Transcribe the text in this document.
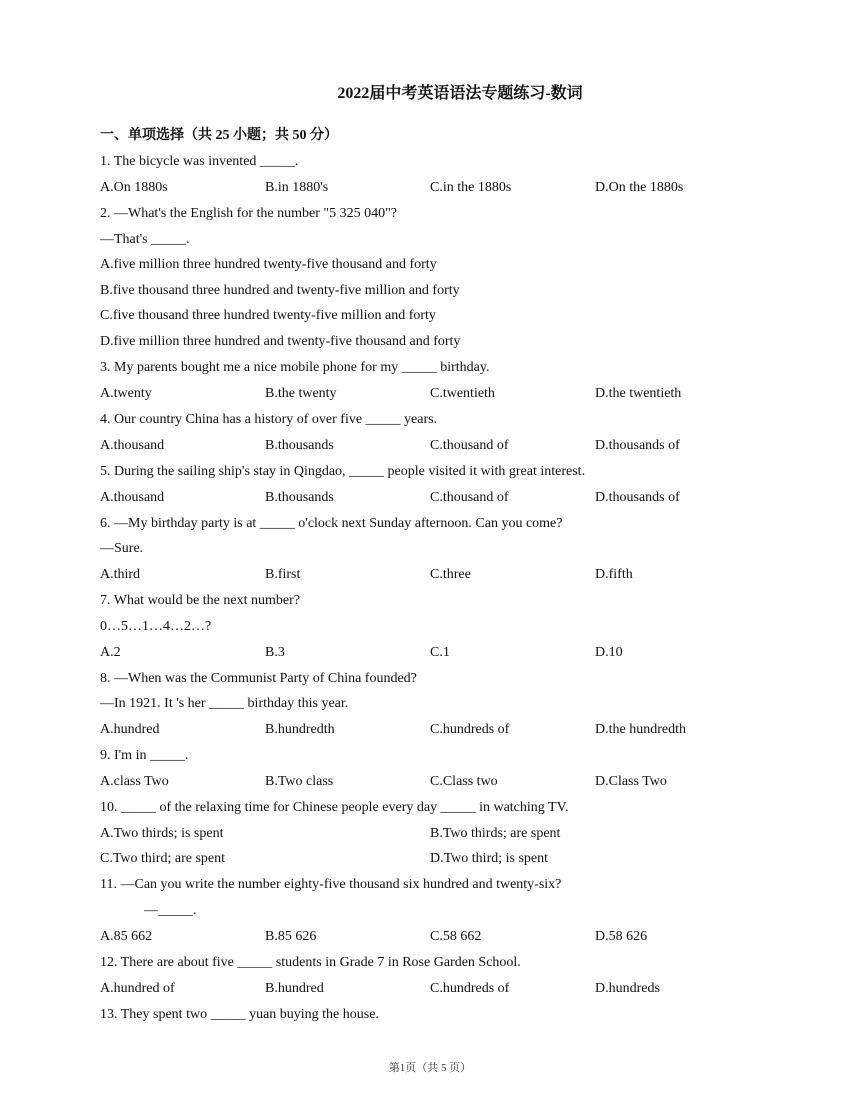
2022届中考英语语法专题练习-数词
一、单项选择（共 25 小题；共 50 分）
1. The bicycle was invented _____.
A.On 1880s	B.in 1880's	C.in the 1880s	D.On the 1880s
2. —What's the English for the number "5 325 040"?
—That's _____.
A.five million three hundred twenty-five thousand and forty
B.five thousand three hundred and twenty-five million and forty
C.five thousand three hundred twenty-five million and forty
D.five million three hundred and twenty-five thousand and forty
3. My parents bought me a nice mobile phone for my _____ birthday.
A.twenty	B.the twenty	C.twentieth	D.the twentieth
4. Our country China has a history of over five _____ years.
A.thousand	B.thousands	C.thousand of	D.thousands of
5. During the sailing ship's stay in Qingdao, _____ people visited it with great interest.
A.thousand	B.thousands	C.thousand of	D.thousands of
6. —My birthday party is at _____ o'clock next Sunday afternoon. Can you come?
—Sure.
A.third	B.first	C.three	D.fifth
7. What would be the next number?
0…5…1…4…2…?
A.2	B.3	C.1	D.10
8. —When was the Communist Party of China founded?
—In 1921. It 's her _____ birthday this year.
A.hundred	B.hundredth	C.hundreds of	D.the hundredth
9. I'm in _____.
A.class Two	B.Two class	C.Class two	D.Class Two
10. _____ of the relaxing time for Chinese people every day _____ in watching TV.
A.Two thirds; is spent	B.Two thirds; are spent
C.Two third; are spent	D.Two third; is spent
11. —Can you write the number eighty-five thousand six hundred and twenty-six?
—_____.
A.85 662	B.85 626	C.58 662	D.58 626
12. There are about five _____ students in Grade 7 in Rose Garden School.
A.hundred of	B.hundred	C.hundreds of	D.hundreds
13. They spent two _____ yuan buying the house.
第1页（共 5 页）
